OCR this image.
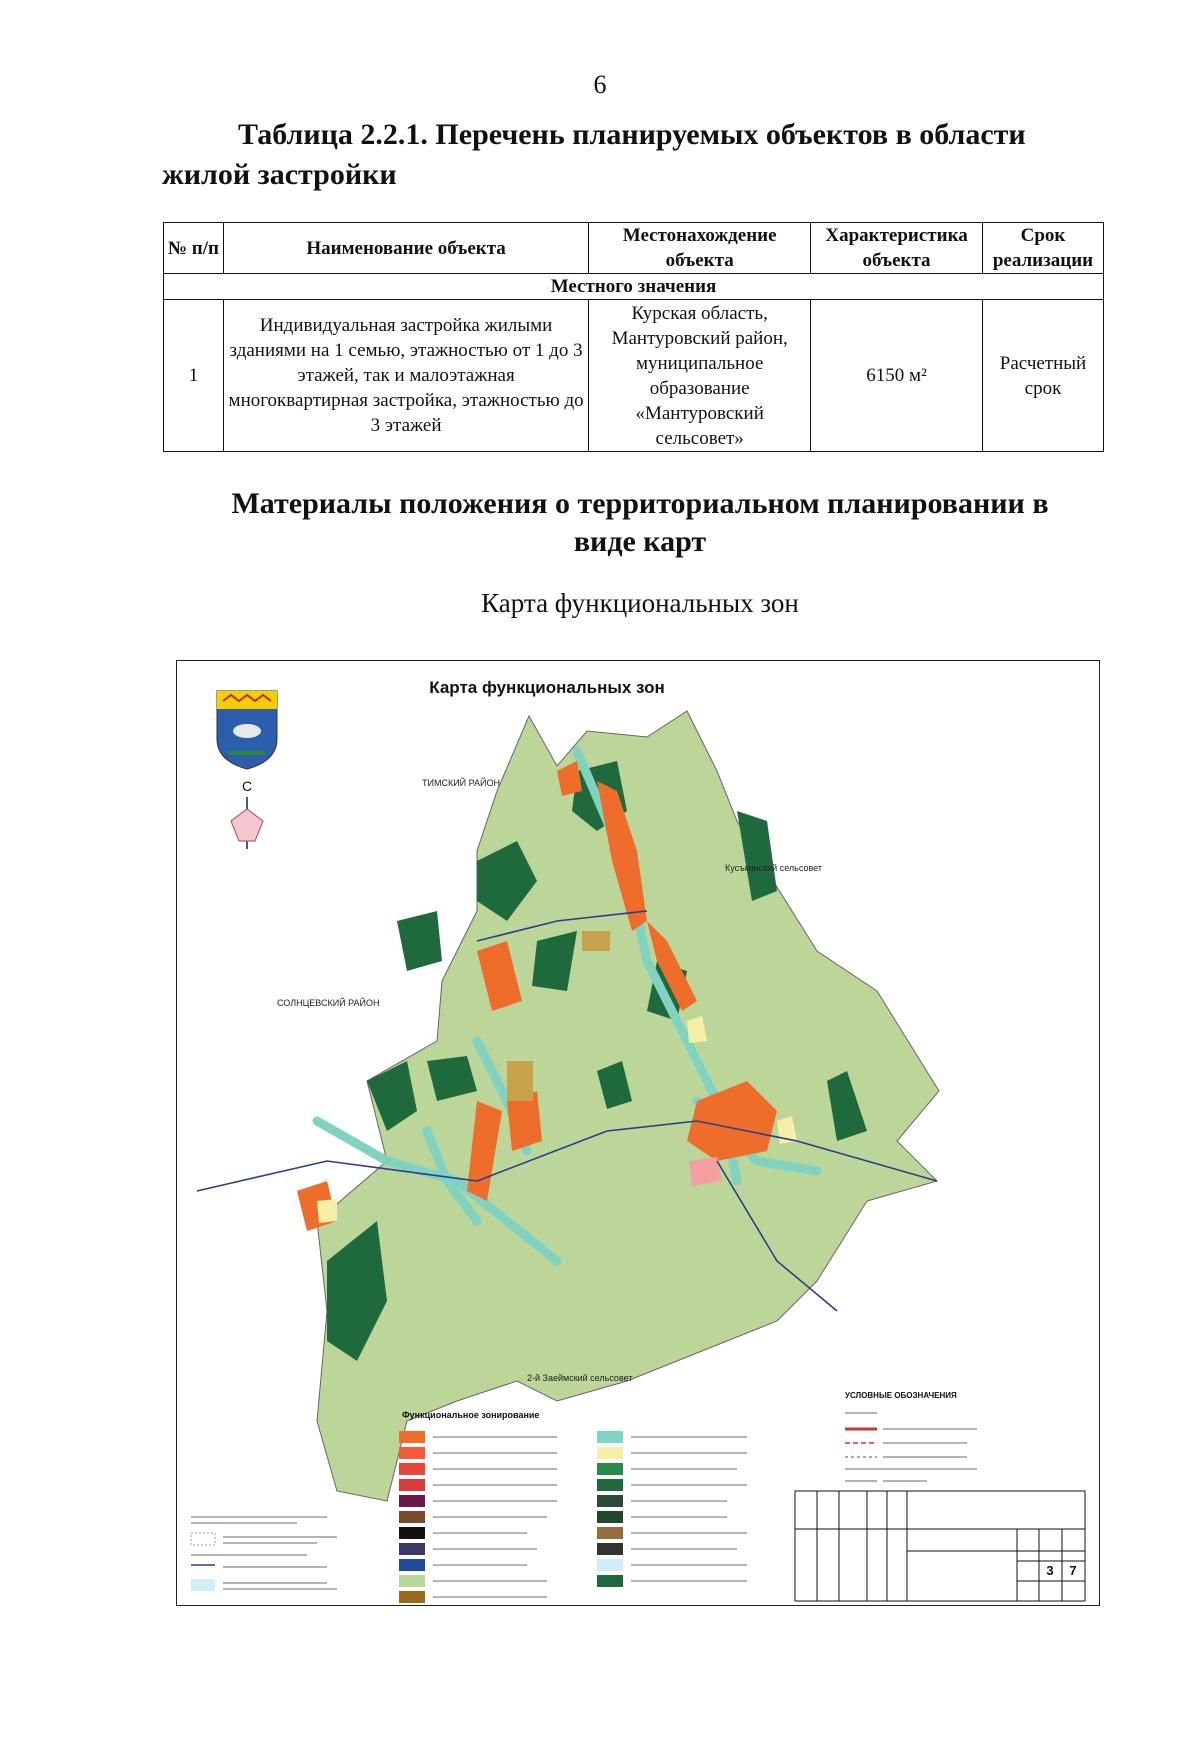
6
Таблица 2.2.1. Перечень планируемых объектов в области жилой застройки
№ п/п	Наименование объекта	Местонахождение объекта	Характеристика объекта	Срок реализации
Местного значения				
1	Индивидуальная застройка жилыми зданиями на 1 семью, этажностью от 1 до 3 этажей, так и малоэтажная многоквартирная застройка, этажностью до 3 этажей	Курская область, Мантуровский район, муниципальное образование «Мантуровский сельсовет»	6150 м²	Расчетный срок
Материалы положения о территориальном планировании в виде карт
Карта функциональных зон
Карта функциональных зон
С	ТИМСКИЙ РАЙОН
Кусъкинский сельсовет
СОЛНЦЕВСКИЙ РАЙОН
2-й Заеймский сельсовет
Функциональное зонирование
УСЛОВНЫЕ ОБОЗНАЧЕНИЯ
3 7
